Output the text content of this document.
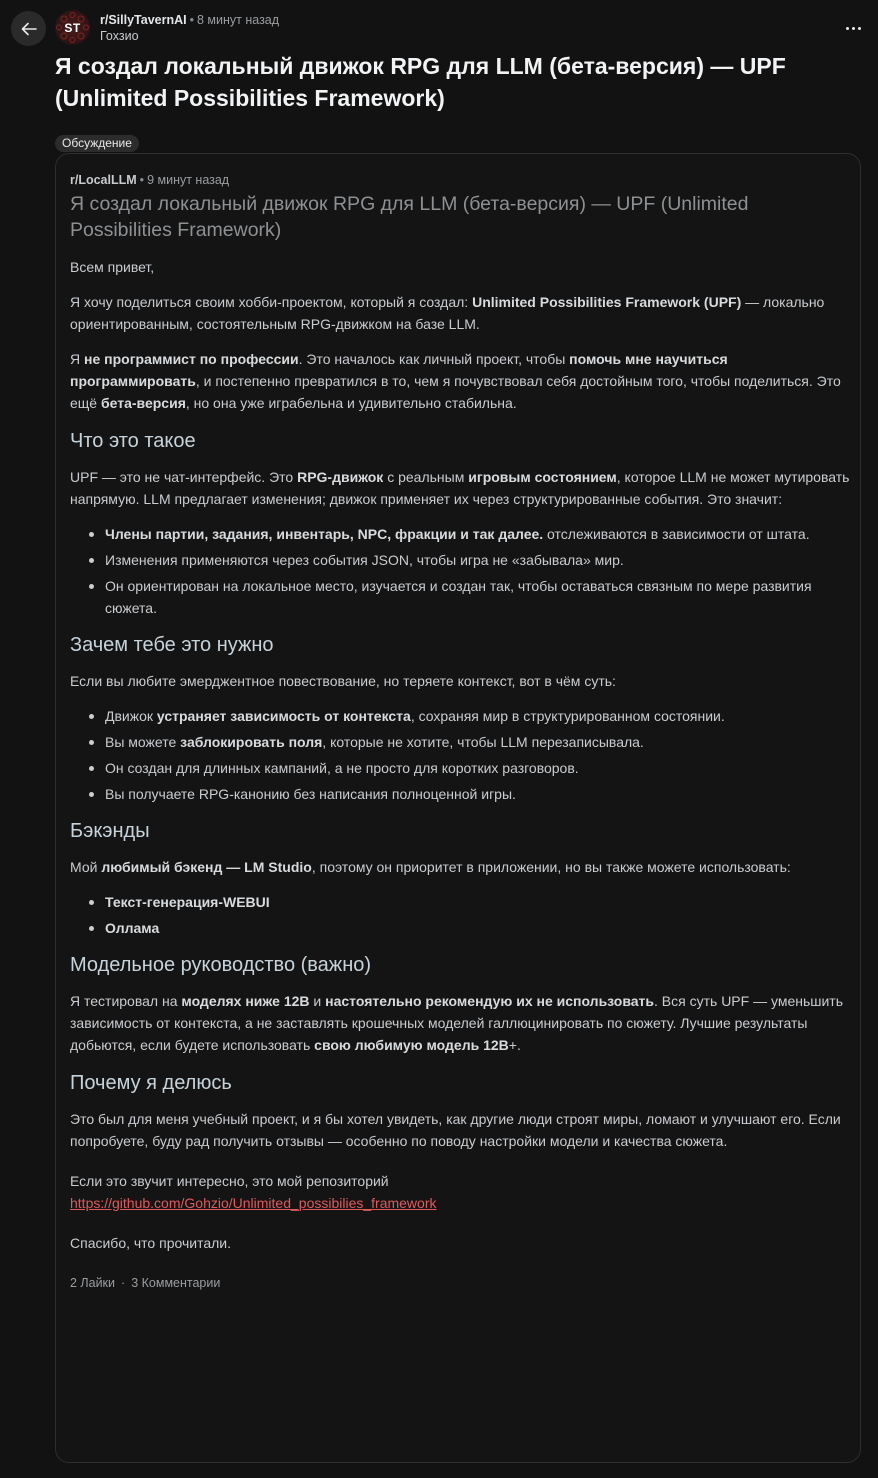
ST
r/SillyTavernAI • 8 минут назад
Гохзио
Я создал локальный движок RPG для LLM (бета-версия) — UPF (Unlimited Possibilities Framework)
Обсуждение
r/LocalLLM • 9 минут назад
Я создал локальный движок RPG для LLM (бета-версия) — UPF (Unlimited Possibilities Framework)

Всем привет,

Я хочу поделиться своим хобби-проектом, который я создал: Unlimited Possibilities Framework (UPF) — локально ориентированным, состоятельным RPG-движком на базе LLM.

Я не программист по профессии. Это началось как личный проект, чтобы помочь мне научиться программировать, и постепенно превратился в то, чем я почувствовал себя достойным того, чтобы поделиться. Это ещё бета-версия, но она уже играбельна и удивительно стабильна.

Что это такое

UPF — это не чат-интерфейс. Это RPG-движок с реальным игровым состоянием, которое LLM не может мутировать напрямую. LLM предлагает изменения; движок применяет их через структурированные события. Это значит:

Члены партии, задания, инвентарь, NPC, фракции и так далее. отслеживаются в зависимости от штата.
Изменения применяются через события JSON, чтобы игра не «забывала» мир.
Он ориентирован на локальное место, изучается и создан так, чтобы оставаться связным по мере развития сюжета.
Зачем тебе это нужно

Если вы любите эмерджентное повествование, но теряете контекст, вот в чём суть:

Движок устраняет зависимость от контекста, сохраняя мир в структурированном состоянии.
Вы можете заблокировать поля, которые не хотите, чтобы LLM перезаписывала.
Он создан для длинных кампаний, а не просто для коротких разговоров.
Вы получаете RPG-канонию без написания полноценной игры.
Бэкэнды

Мой любимый бэкенд — LM Studio, поэтому он приоритет в приложении, но вы также можете использовать:

Текст-генерация-WEBUI
Оллама
Модельное руководство (важно)

Я тестировал на моделях ниже 12B и настоятельно рекомендую их не использовать. Вся суть UPF — уменьшить зависимость от контекста, а не заставлять крошечных моделей галлюцинировать по сюжету. Лучшие результаты добьются, если будете использовать свою любимую модель 12B+.

Почему я делюсь

Это был для меня учебный проект, и я бы хотел увидеть, как другие люди строят миры, ломают и улучшают его. Если попробуете, буду рад получить отзывы — особенно по поводу настройки модели и качества сюжета.

Если это звучит интересно, это мой репозиторий
https://github.com/Gohzio/Unlimited_possibilies_framework

Спасибо, что прочитали.

2 Лайки · 3 Комментарии
